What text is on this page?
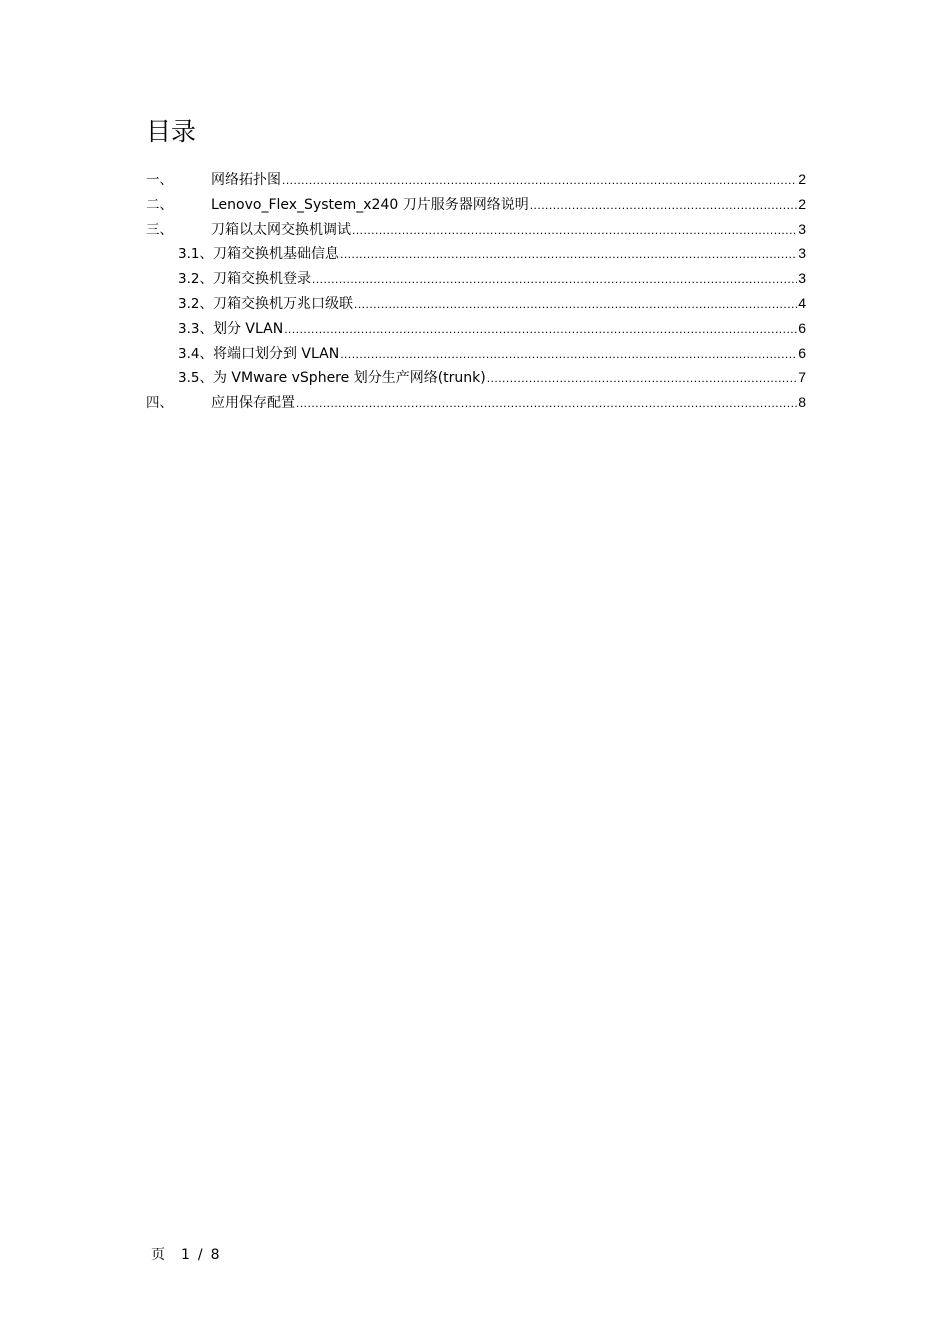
目录
一、	网络拓扑图 .....	2
二、	Lenovo_Flex_System_x240 刀片服务器网络说明 .....	2
三、	刀箱以太网交换机调试 .....	3
3.1、 刀箱交换机基础信息 .....	3
3.2、 刀箱交换机登录 .....	3
3.2、 刀箱交换机万兆口级联 .....	4
3.3、 划分 VLAN .....	6
3.4、 将端口划分到 VLAN .....	6
3.5、 为 VMware vSphere 划分生产网络(trunk) .....	7
四、	应用保存配置 .....	8
页 1 / 8
